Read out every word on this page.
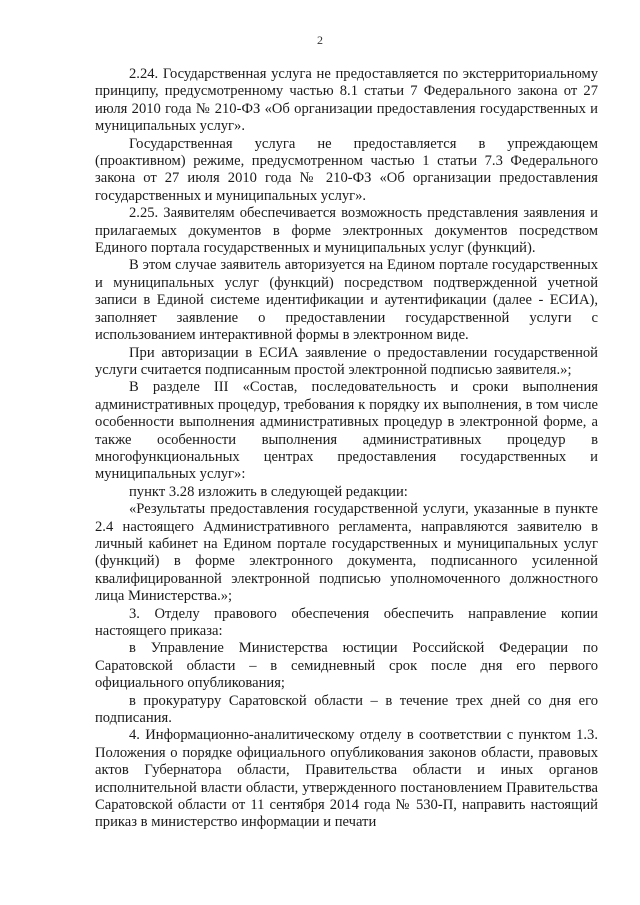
2

2.24. Государственная услуга не предоставляется по экстерриториальному принципу, предусмотренному частью 8.1 статьи 7 Федерального закона от 27 июля 2010 года № 210-ФЗ «Об организации предоставления государственных и муниципальных услуг».

Государственная услуга не предоставляется в упреждающем (проактивном) режиме, предусмотренном частью 1 статьи 7.3 Федерального закона от 27 июля 2010 года № 210-ФЗ «Об организации предоставления государственных и муниципальных услуг».

2.25. Заявителям обеспечивается возможность представления заявления и прилагаемых документов в форме электронных документов посредством Единого портала государственных и муниципальных услуг (функций).

В этом случае заявитель авторизуется на Едином портале государственных и муниципальных услуг (функций) посредством подтвержденной учетной записи в Единой системе идентификации и аутентификации (далее - ЕСИА), заполняет заявление о предоставлении государственной услуги с использованием интерактивной формы в электронном виде.

При авторизации в ЕСИА заявление о предоставлении государственной услуги считается подписанным простой электронной подписью заявителя.»;

В разделе III «Состав, последовательность и сроки выполнения административных процедур, требования к порядку их выполнения, в том числе особенности выполнения административных процедур в электронной форме, а также особенности выполнения административных процедур в многофункциональных центрах предоставления государственных и муниципальных услуг»:

пункт 3.28 изложить в следующей редакции:

«Результаты предоставления государственной услуги, указанные в пункте 2.4 настоящего Административного регламента, направляются заявителю в личный кабинет на Едином портале государственных и муниципальных услуг (функций) в форме электронного документа, подписанного усиленной квалифицированной электронной подписью уполномоченного должностного лица Министерства.»;

3. Отделу правового обеспечения обеспечить направление копии настоящего приказа:

в Управление Министерства юстиции Российской Федерации по Саратовской области – в семидневный срок после дня его первого официального опубликования;

в прокуратуру Саратовской области – в течение трех дней со дня его подписания.

4. Информационно-аналитическому отделу в соответствии с пунктом 1.3. Положения о порядке официального опубликования законов области, правовых актов Губернатора области, Правительства области и иных органов исполнительной власти области, утвержденного постановлением Правительства Саратовской области от 11 сентября 2014 года № 530-П, направить настоящий приказ в министерство информации и печати
